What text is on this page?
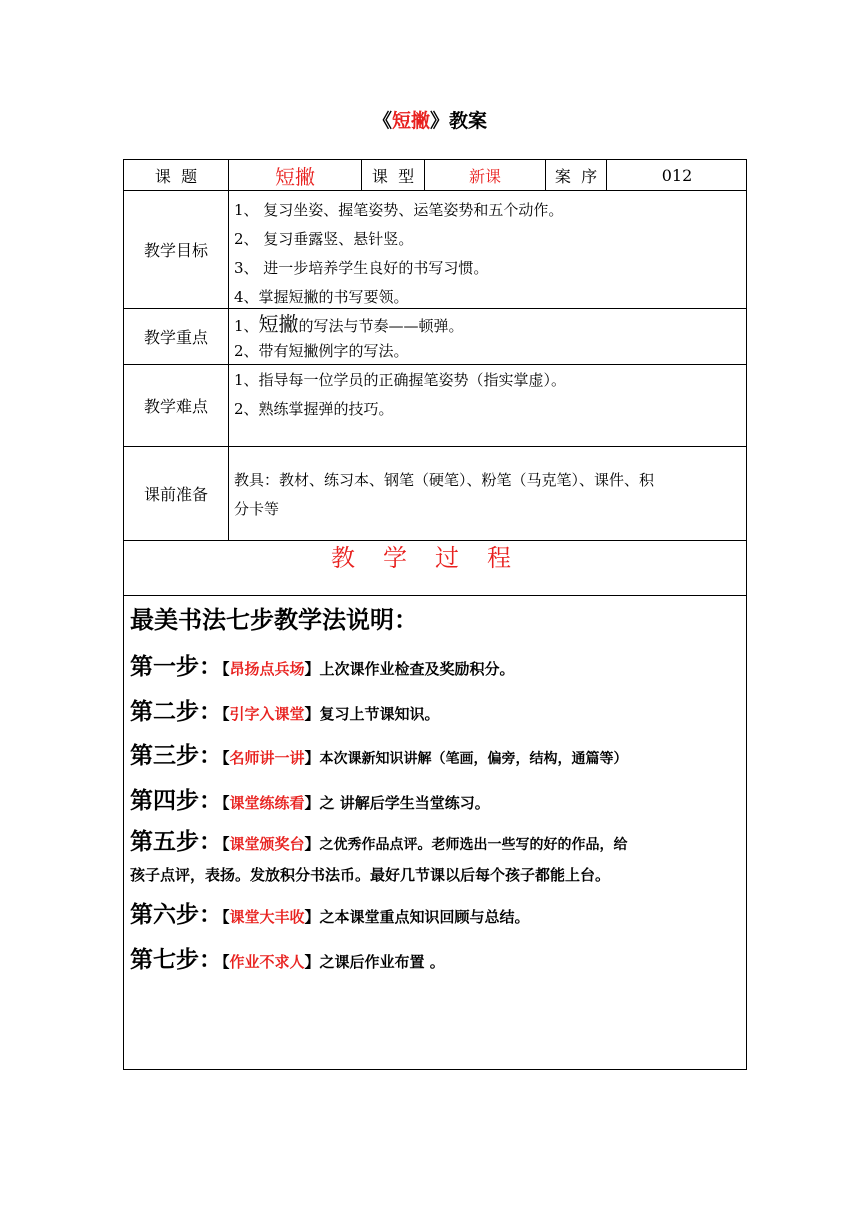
《短撇》教案
课  题	短撇	课  型	新课	案  序	012
教学目标

1、 复习坐姿、握笔姿势、运笔姿势和五个动作。

2、 复习垂露竖、悬针竖。

3、 进一步培养学生良好的书写习惯。

4、掌握短撇的书写要领。

教学重点

1、短撇的写法与节奏——顿弹。

2、带有短撇例字的写法。

教学难点

1、指导每一位学员的正确握笔姿势（指实掌虚）。

2、熟练掌握弹的技巧。

课前准备

教具：教材、练习本、钢笔（硬笔）、粉笔（马克笔）、课件、积

分卡等

教学过程
最美书法七步教学法说明：
第一步：【昂扬点兵场】上次课作业检查及奖励积分。
第二步：【引字入课堂】复习上节课知识。
第三步：【名师讲一讲】本次课新知识讲解（笔画，偏旁，结构，通篇等）
第四步：【课堂练练看】之 讲解后学生当堂练习。
第五步：【课堂颁奖台】之优秀作品点评。老师选出一些写的好的作品，给
孩子点评，表扬。发放积分书法币。最好几节课以后每个孩子都能上台。
第六步：【课堂大丰收】之本课堂重点知识回顾与总结。
第七步：【作业不求人】之课后作业布置 。
